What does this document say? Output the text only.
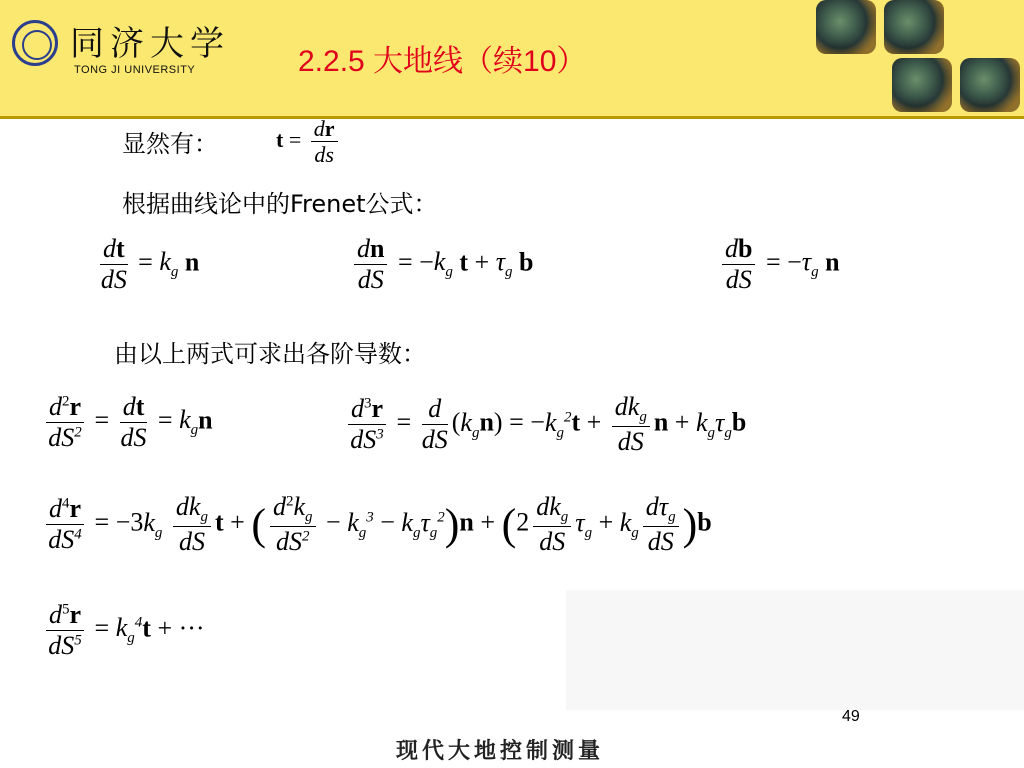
同济大学
TONG JI UNIVERSITY	2.2.5 大地线（续10）
显然有：	$t = \frac{dr}{ds}$
根据曲线论中的Frenet公式：
$\frac{dt}{dS} = k_g$ n	$\frac{dn}{dS} = -k_g$ $t + \tau_g$ b	$\frac{db}{dS} = -\tau_g$ n
由以上两式可求出各阶导数：
$\frac{d^2r}{dS^2} = \frac{dt}{dS} = k_gn$	$\frac{d^3r}{dS^3} = \frac{d}{dS} (k_gn) = -k_g^2t + \frac{dk_g}{dS}$ $n + k_g\tau_gb$
$\frac{d^4r}{dS^4} = -3k_g \frac{dk_g}{dS}$ t + ( $\frac{d^2k_g}{dS^2} - k_g^3 - k_g\tau_g^2)n + (2 \frac{dk_g}{dS} \tau_g + k_g \frac{d\tau_g}{dS} )b$
$\frac{d^5r}{dS^5} = k_g^4t$ + ···
49
现代大地控制测量
